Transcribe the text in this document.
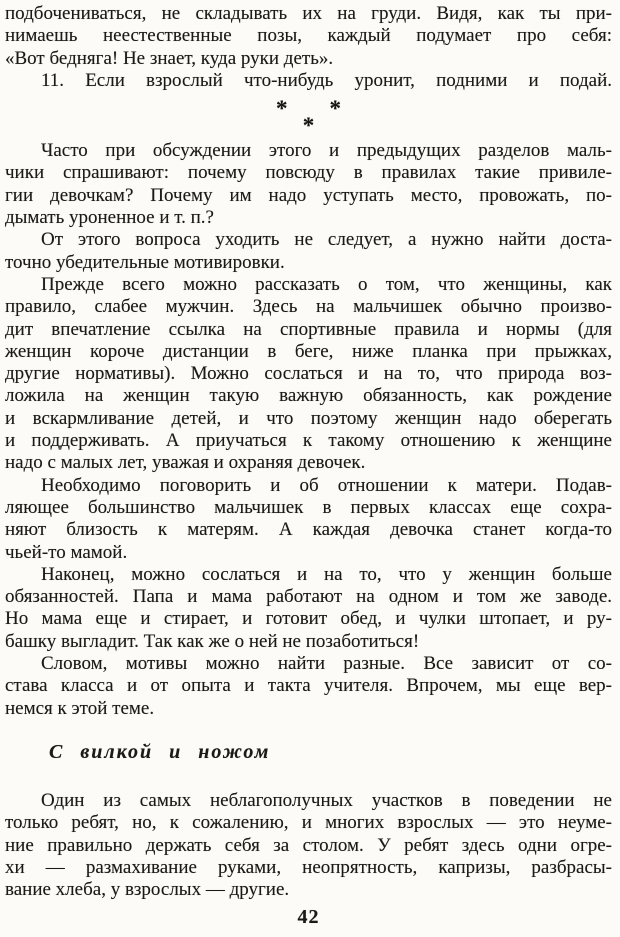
подбочениваться, не складывать их на груди. Видя, как ты при-
нимаешь неестественные позы, каждый подумает про себя:
«Вот бедняга! Не знает, куда руки деть».
11. Если взрослый что-нибудь уронит, подними и подай.
* *
*
Часто при обсуждении этого и предыдущих разделов маль-
чики спрашивают: почему повсюду в правилах такие привиле-
гии девочкам? Почему им надо уступать место, провожать, по-
дымать уроненное и т. п.?
От этого вопроса уходить не следует, а нужно найти доста-
точно убедительные мотивировки.
Прежде всего можно рассказать о том, что женщины, как
правило, слабее мужчин. Здесь на мальчишек обычно произво-
дит впечатление ссылка на спортивные правила и нормы (для
женщин короче дистанции в беге, ниже планка при прыжках,
другие нормативы). Можно сослаться и на то, что природа воз-
ложила на женщин такую важную обязанность, как рождение
и вскармливание детей, и что поэтому женщин надо оберегать
и поддерживать. А приучаться к такому отношению к женщине
надо с малых лет, уважая и охраняя девочек.
Необходимо поговорить и об отношении к матери. Подав-
ляющее большинство мальчишек в первых классах еще сохра-
няют близость к матерям. А каждая девочка станет когда-то
чьей-то мамой.
Наконец, можно сослаться и на то, что у женщин больше
обязанностей. Папа и мама работают на одном и том же заводе.
Но мама еще и стирает, и готовит обед, и чулки штопает, и ру-
башку выгладит. Так как же о ней не позаботиться!
Словом, мотивы можно найти разные. Все зависит от со-
става класса и от опыта и такта учителя. Впрочем, мы еще вер-
немся к этой теме.
С вилкой и ножом
Один из самых неблагополучных участков в поведении не
только ребят, но, к сожалению, и многих взрослых — это неуме-
ние правильно держать себя за столом. У ребят здесь одни огре-
хи — размахивание руками, неопрятность, капризы, разбрасы-
вание хлеба, у взрослых — другие.
42
